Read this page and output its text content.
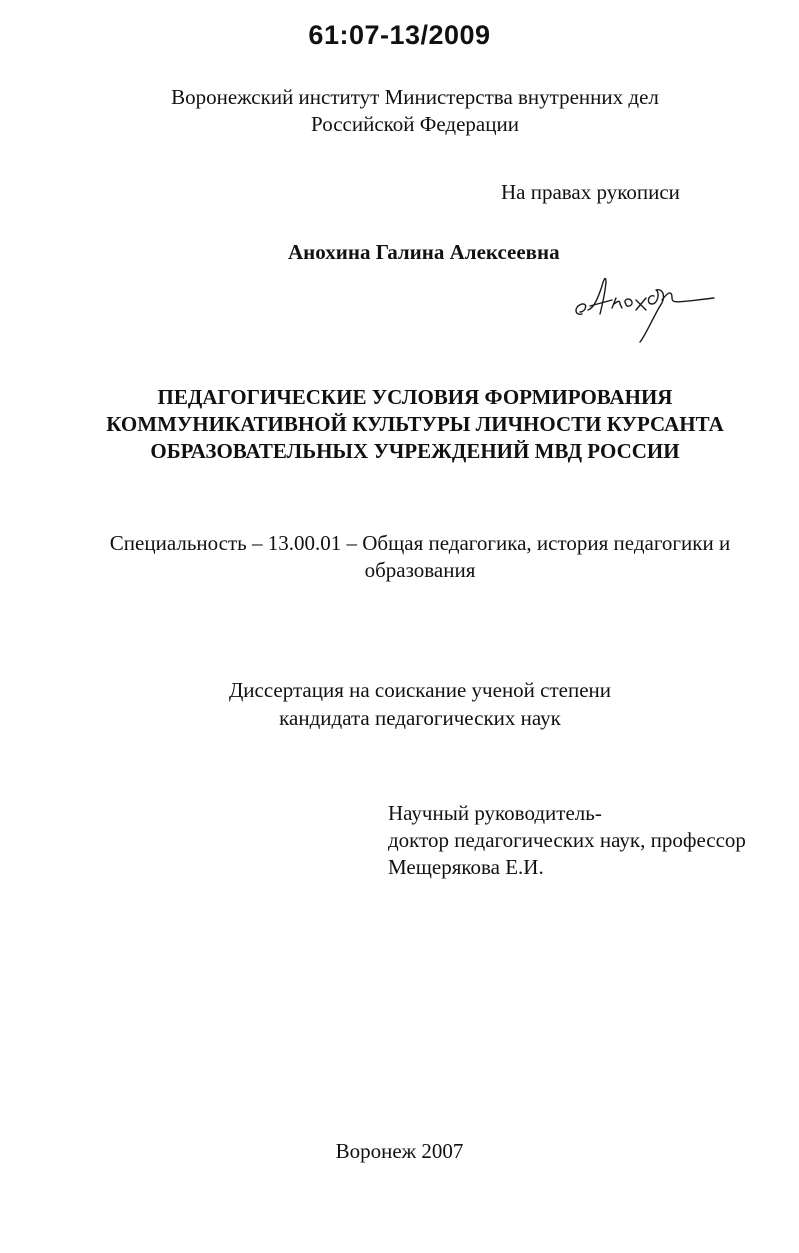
61:07-13/2009
Воронежский институт Министерства внутренних дел
Российской Федерации
На правах рукописи
Анохина Галина Алексеевна
ПЕДАГОГИЧЕСКИЕ УСЛОВИЯ ФОРМИРОВАНИЯ
КОММУНИКАТИВНОЙ КУЛЬТУРЫ ЛИЧНОСТИ КУРСАНТА
ОБРАЗОВАТЕЛЬНЫХ УЧРЕЖДЕНИЙ МВД РОССИИ
Специальность – 13.00.01 – Общая педагогика, история педагогики и
образования
Диссертация на соискание ученой степени
кандидата педагогических наук
Научный руководитель-
доктор педагогических наук, профессор
Мещерякова Е.И.
Воронеж 2007
